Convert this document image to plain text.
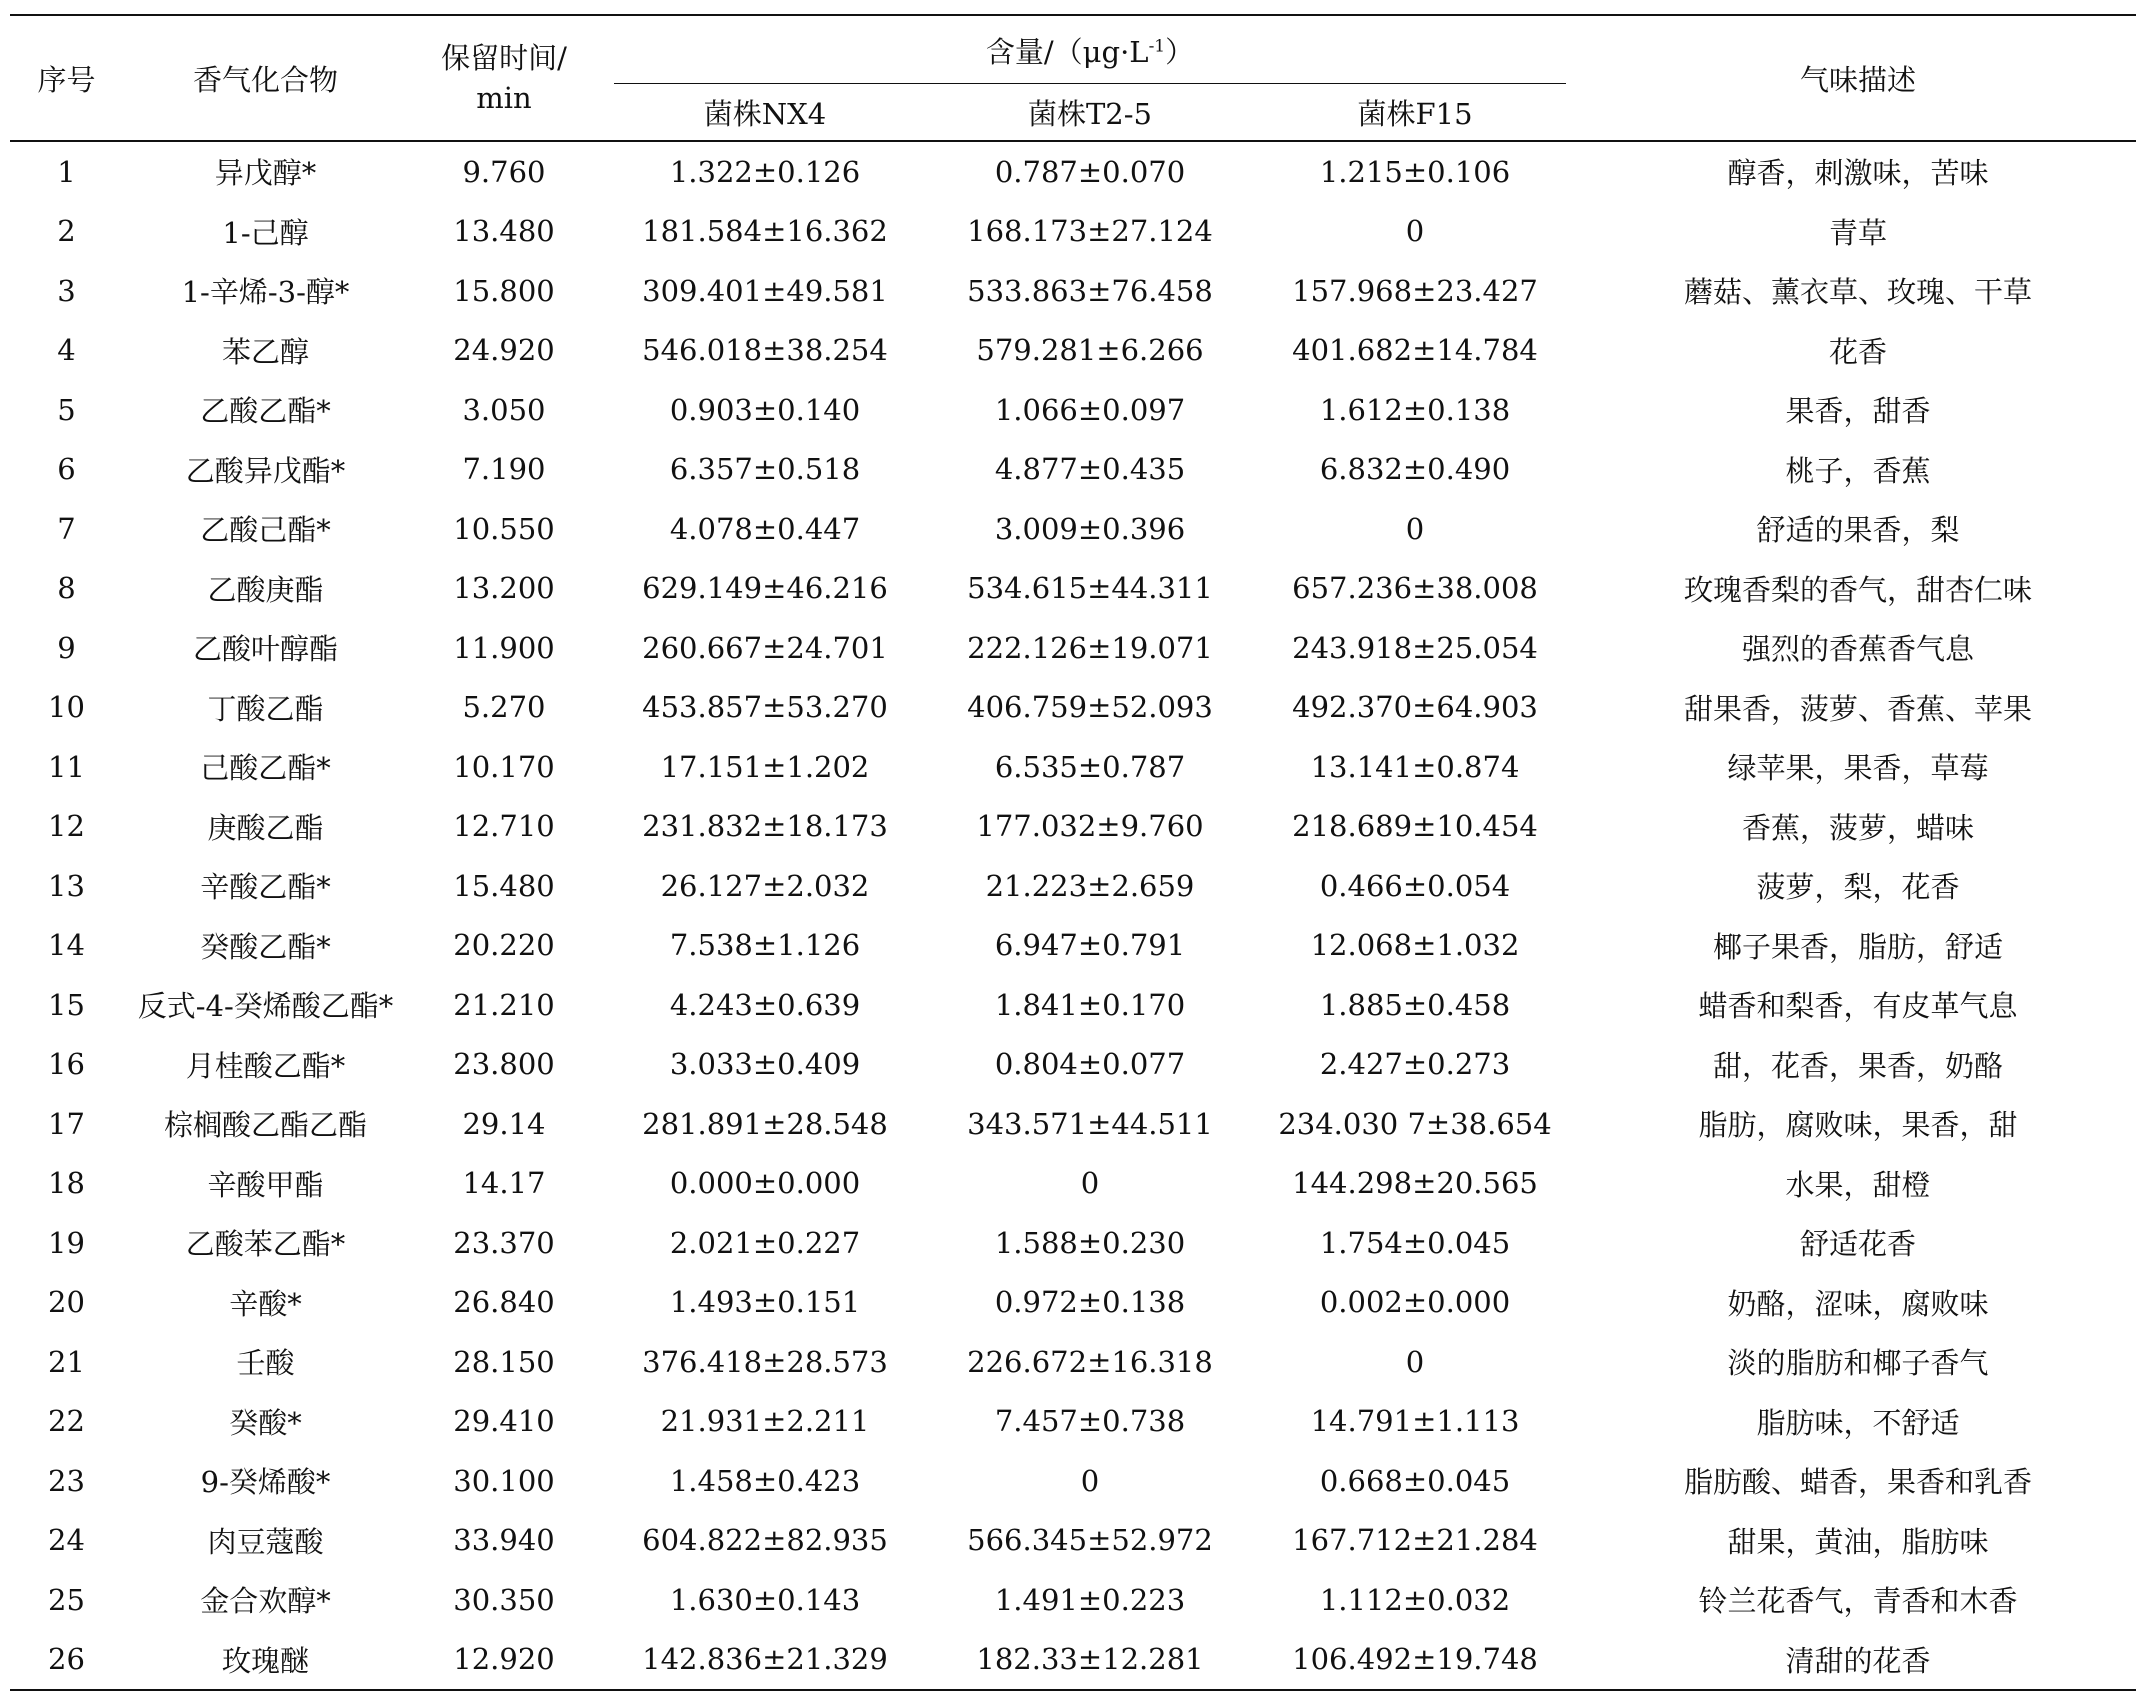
序号	香气化合物	保留时间/
min	含量$/(\mu g\cdot L^{-1})$			气味描述
			菌株NX4	菌株T2-5	菌株F15	
1	异戊醇*	9.760	1.322±0.126	0.787±0.070	1.215±0.106	醇香，刺激味，苦味
2	1-己醇	13.480	181.584±16.362	168.173±27.124	0	青草
3	1-辛烯-3-醇*	15.800	309.401±49.581	533.863±76.458	157.968±23.427	蘑菇、薰衣草、玫瑰、干草
4	苯乙醇	24.920	546.018±38.254	579.281±6.266	401.682±14.784	花香
5	乙酸乙酯*	3.050	0.903±0.140	1.066±0.097	1.612±0.138	果香，甜香
6	乙酸异戊酯*	7.190	6.357±0.518	4.877±0.435	6.832±0.490	桃子，香蕉
7	乙酸己酯*	10.550	4.078±0.447	3.009±0.396	0	舒适的果香，梨
8	乙酸庚酯	13.200	629.149±46.216	534.615±44.311	657.236±38.008	玫瑰香梨的香气，甜杏仁味
9	乙酸叶醇酯	11.900	260.667±24.701	222.126±19.071	243.918±25.054	强烈的香蕉香气息
10	丁酸乙酯	5.270	453.857±53.270	406.759±52.093	492.370±64.903	甜果香，菠萝、香蕉、苹果
11	己酸乙酯*	10.170	17.151±1.202	6.535±0.787	13.141±0.874	绿苹果，果香，草莓
12	庚酸乙酯	12.710	231.832±18.173	177.032±9.760	218.689±10.454	香蕉，菠萝，蜡味
13	辛酸乙酯*	15.480	26.127±2.032	21.223±2.659	0.466±0.054	菠萝，梨，花香
14	癸酸乙酯*	20.220	7.538±1.126	6.947±0.791	12.068±1.032	椰子果香，脂肪，舒适
15	反式-4-癸烯酸乙酯*	21.210	4.243±0.639	1.841±0.170	1.885±0.458	蜡香和梨香，有皮革气息
16	月桂酸乙酯*	23.800	3.033±0.409	0.804±0.077	2.427±0.273	甜，花香，果香，奶酪
17	棕榈酸乙酯乙酯	29.14	281.891±28.548	343.571±44.511	234.030 7±38.654	脂肪，腐败味，果香，甜
18	辛酸甲酯	14.17	0.000±0.000	0	144.298±20.565	水果，甜橙
19	乙酸苯乙酯*	23.370	2.021±0.227	1.588±0.230	1.754±0.045	舒适花香
20	辛酸*	26.840	1.493±0.151	0.972±0.138	0.002±0.000	奶酪，涩味，腐败味
21	壬酸	28.150	376.418±28.573	226.672±16.318	0	淡的脂肪和椰子香气
22	癸酸*	29.410	21.931±2.211	7.457±0.738	14.791±1.113	脂肪味，不舒适
23	9-癸烯酸*	30.100	1.458±0.423	0	0.668±0.045	脂肪酸、蜡香，果香和乳香
24	肉豆蔻酸	33.940	604.822±82.935	566.345±52.972	167.712±21.284	甜果，黄油，脂肪味
25	金合欢醇*	30.350	1.630±0.143	1.491±0.223	1.112±0.032	铃兰花香气，青香和木香
26	玫瑰醚	12.920	142.836±21.329	182.33±12.281	106.492±19.748	清甜的花香
